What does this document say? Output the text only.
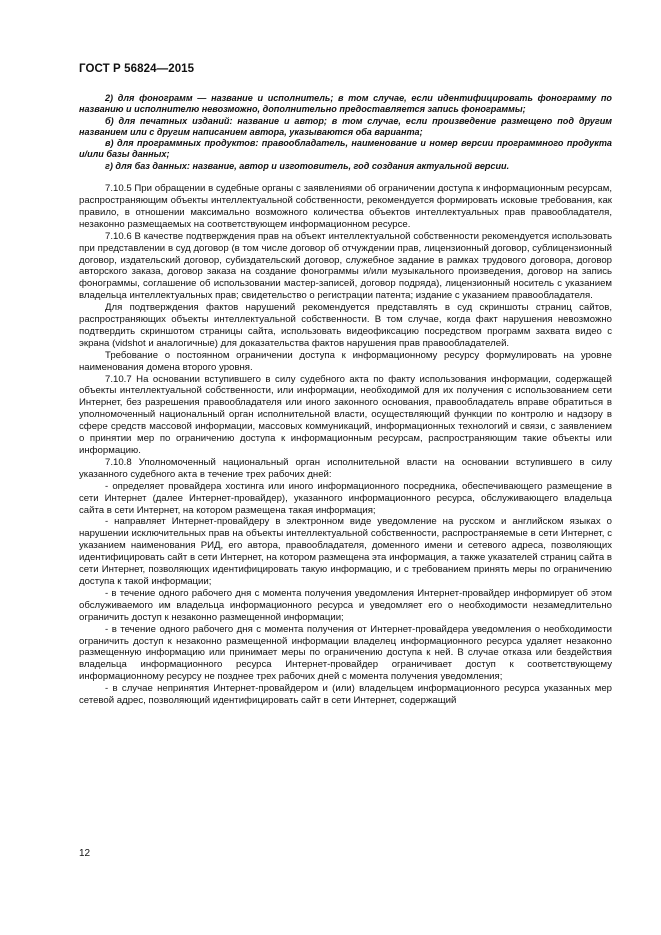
ГОСТ Р 56824—2015

2) для фонограмм — название и исполнитель; в том случае, если идентифицировать фонограмму по названию и исполнителю невозможно, дополнительно предоставляется запись фонограммы;

б) для печатных изданий: название и автор; в том случае, если произведение размещено под другим названием или с другим написанием автора, указываются оба варианта;

в) для программных продуктов: правообладатель, наименование и номер версии программного продукта и/или базы данных;

г) для баз данных: название, автор и изготовитель, год создания актуальной версии.

7.10.5 При обращении в судебные органы с заявлениями об ограничении доступа к информационным ресурсам, распространяющим объекты интеллектуальной собственности, рекомендуется формировать исковые требования, как правило, в отношении максимально возможного количества объектов интеллектуальных прав правообладателя, незаконно размещаемых на соответствующем информационном ресурсе.

7.10.6 В качестве подтверждения прав на объект интеллектуальной собственности рекомендуется использовать при представлении в суд договор (в том числе договор об отчуждении прав, лицензионный договор, сублицензионный договор, издательский договор, субиздательский договор, служебное задание в рамках трудового договора, договор авторского заказа, договор заказа на создание фонограммы и/или музыкального произведения, договор на запись фонограммы, соглашение об использовании мастер-записей, договор подряда), лицензионный носитель с указанием владельца интеллектуальных прав; свидетельство о регистрации патента; издание с указанием правообладателя.

Для подтверждения фактов нарушений рекомендуется представлять в суд скриншоты страниц сайтов, распространяющих объекты интеллектуальной собственности. В том случае, когда факт нарушения невозможно подтвердить скриншотом страницы сайта, использовать видеофиксацию посредством программ захвата видео с экрана (vidshot и аналогичные) для доказательства фактов нарушения прав правообладателей.

Требование о постоянном ограничении доступа к информационному ресурсу формулировать на уровне наименования домена второго уровня.

7.10.7 На основании вступившего в силу судебного акта по факту использования информации, содержащей объекты интеллектуальной собственности, или информации, необходимой для их получения с использованием сети Интернет, без разрешения правообладателя или иного законного основания, правообладатель вправе обратиться в уполномоченный национальный орган исполнительной власти, осуществляющий функции по контролю и надзору в сфере средств массовой информации, массовых коммуникаций, информационных технологий и связи, с заявлением о принятии мер по ограничению доступа к информационным ресурсам, распространяющим такие объекты или информацию.

7.10.8 Уполномоченный национальный орган исполнительной власти на основании вступившего в силу указанного судебного акта в течение трех рабочих дней:

- определяет провайдера хостинга или иного информационного посредника, обеспечивающего размещение в сети Интернет (далее Интернет-провайдер), указанного информационного ресурса, обслуживающего владельца сайта в сети Интернет, на котором размещена такая информация;

- направляет Интернет-провайдеру в электронном виде уведомление на русском и английском языках о нарушении исключительных прав на объекты интеллектуальной собственности, распространяемые в сети Интернет, с указанием наименования РИД, его автора, правообладателя, доменного имени и сетевого адреса, позволяющих идентифицировать сайт в сети Интернет, на котором размещена эта информация, а также указателей страниц сайта в сети Интернет, позволяющих идентифицировать такую информацию, и с требованием принять меры по ограничению доступа к такой информации;

- в течение одного рабочего дня с момента получения уведомления Интернет-провайдер информирует об этом обслуживаемого им владельца информационного ресурса и уведомляет его о необходимости незамедлительно ограничить доступ к незаконно размещенной информации;

- в течение одного рабочего дня с момента получения от Интернет-провайдера уведомления о необходимости ограничить доступ к незаконно размещенной информации владелец информационного ресурса удаляет незаконно размещенную информацию или принимает меры по ограничению доступа к ней. В случае отказа или бездействия владельца информационного ресурса Интернет-провайдер ограничивает доступ к соответствующему информационному ресурсу не позднее трех рабочих дней с момента получения уведомления;

- в случае непринятия Интернет-провайдером и (или) владельцем информационного ресурса указанных мер сетевой адрес, позволяющий идентифицировать сайт в сети Интернет, содержащий

12
